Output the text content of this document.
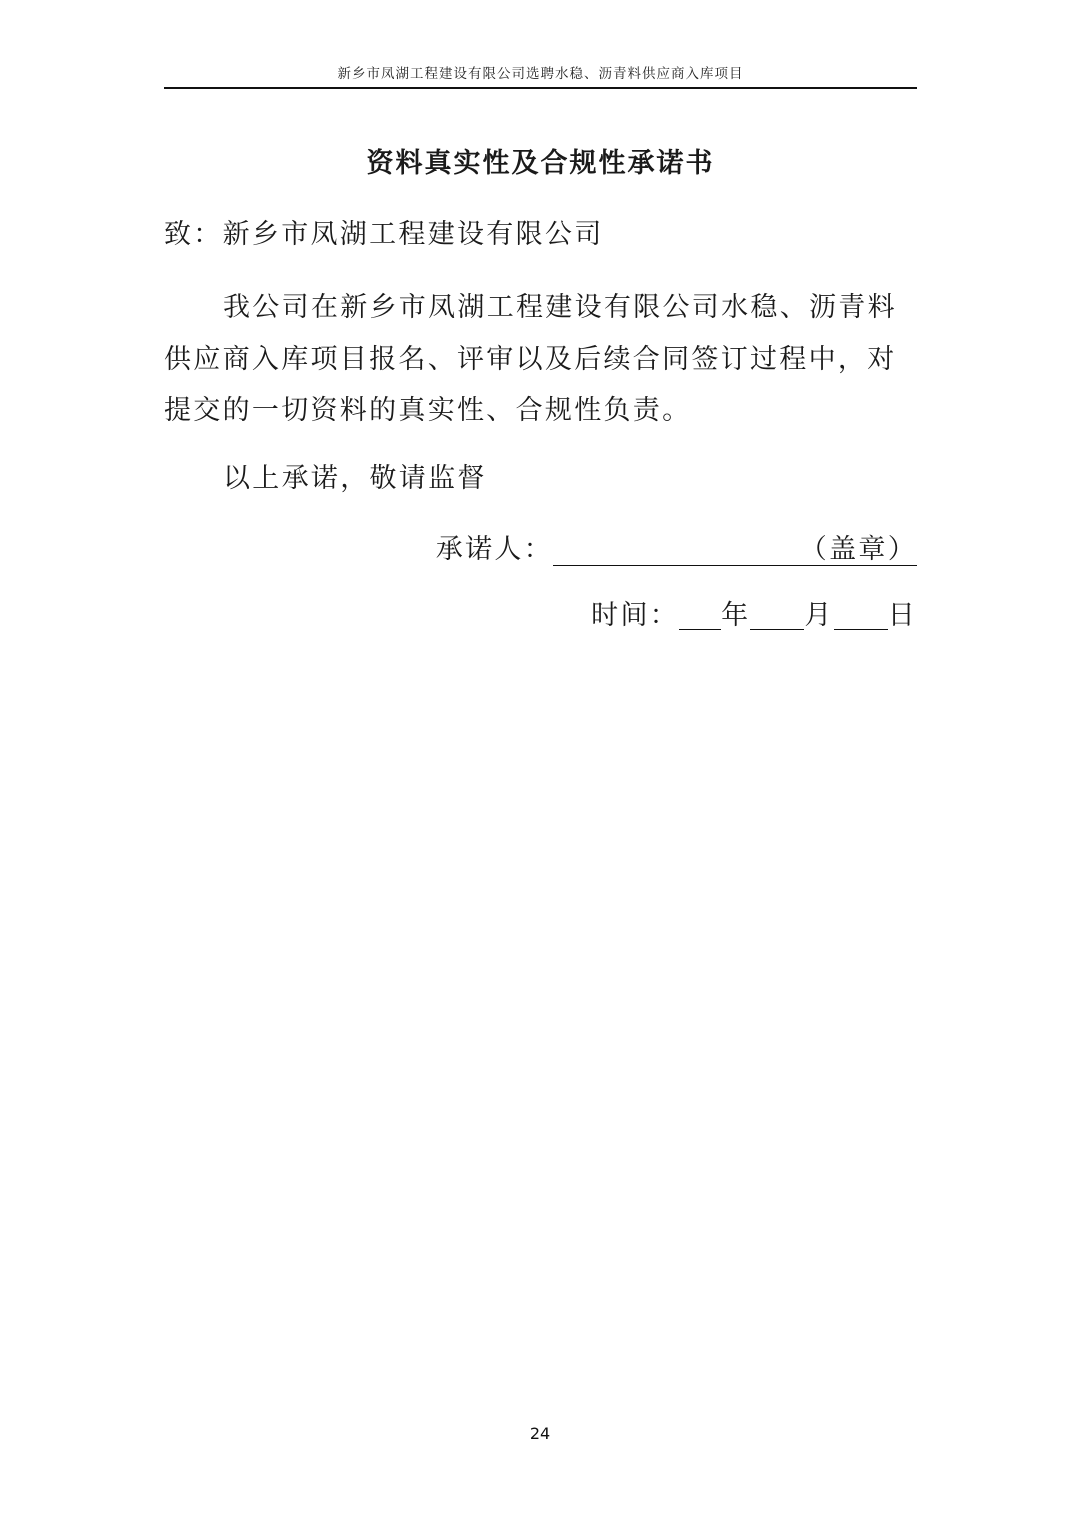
新乡市凤湖工程建设有限公司选聘水稳、沥青料供应商入库项目
资料真实性及合规性承诺书
致：新乡市凤湖工程建设有限公司
我公司在新乡市凤湖工程建设有限公司水稳、沥青料
供应商入库项目报名、评审以及后续合同签订过程中，对
提交的一切资料的真实性、合规性负责。
以上承诺，敬请监督
承诺人：	（盖章）
时间： 年 月 日
24
